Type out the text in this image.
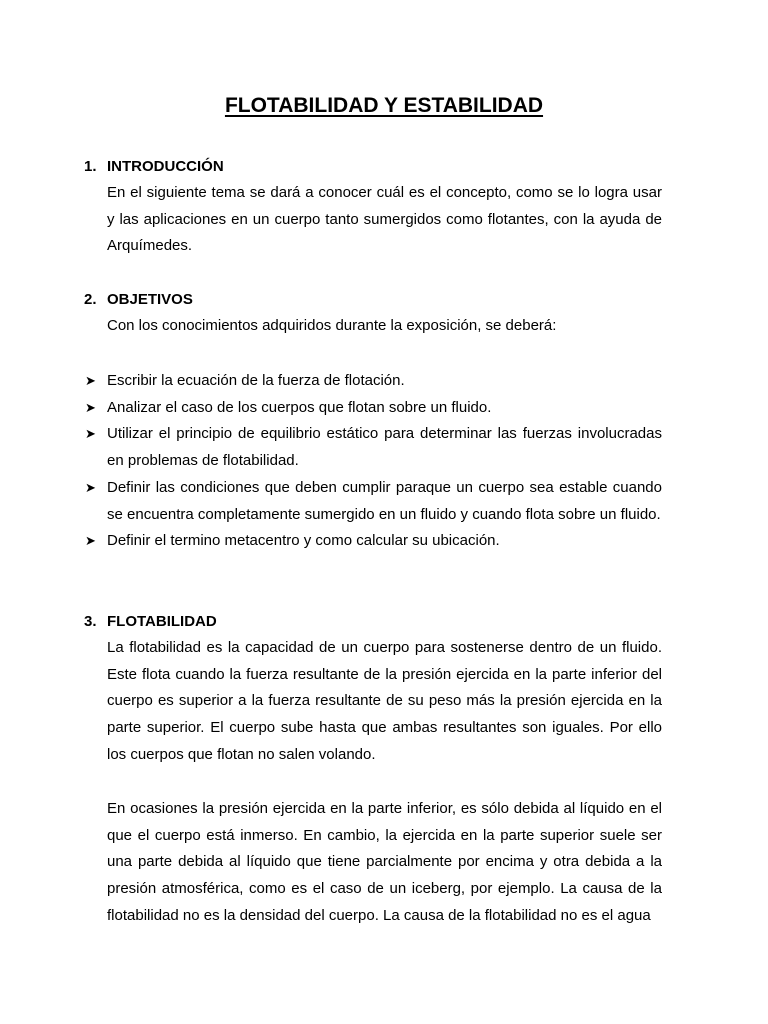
FLOTABILIDAD Y ESTABILIDAD
1. INTRODUCCIÓN

En el siguiente tema se dará a conocer cuál es el concepto, como se lo logra usar y las aplicaciones en un cuerpo tanto sumergidos como flotantes, con la ayuda de Arquímedes.

2. OBJETIVOS

Con los conocimientos adquiridos durante la exposición, se deberá:

➤ Escribir la ecuación de la fuerza de flotación.
➤ Analizar el caso de los cuerpos que flotan sobre un fluido.
➤ Utilizar el principio de equilibrio estático para determinar las fuerzas involucradas en problemas de flotabilidad.
➤ Definir las condiciones que deben cumplir paraque un cuerpo sea estable cuando se encuentra completamente sumergido en un fluido y cuando flota sobre un fluido.
➤ Definir el termino metacentro y como calcular su ubicación.
3. FLOTABILIDAD

La flotabilidad es la capacidad de un cuerpo para sostenerse dentro de un fluido. Este flota cuando la fuerza resultante de la presión ejercida en la parte inferior del cuerpo es superior a la fuerza resultante de su peso más la presión ejercida en la parte superior. El cuerpo sube hasta que ambas resultantes son iguales. Por ello los cuerpos que flotan no salen volando.

En ocasiones la presión ejercida en la parte inferior, es sólo debida al líquido en el que el cuerpo está inmerso. En cambio, la ejercida en la parte superior suele ser una parte debida al líquido que tiene parcialmente por encima y otra debida a la presión atmosférica, como es el caso de un iceberg, por ejemplo. La causa de la flotabilidad no es la densidad del cuerpo. La causa de la flotabilidad no es el agua
